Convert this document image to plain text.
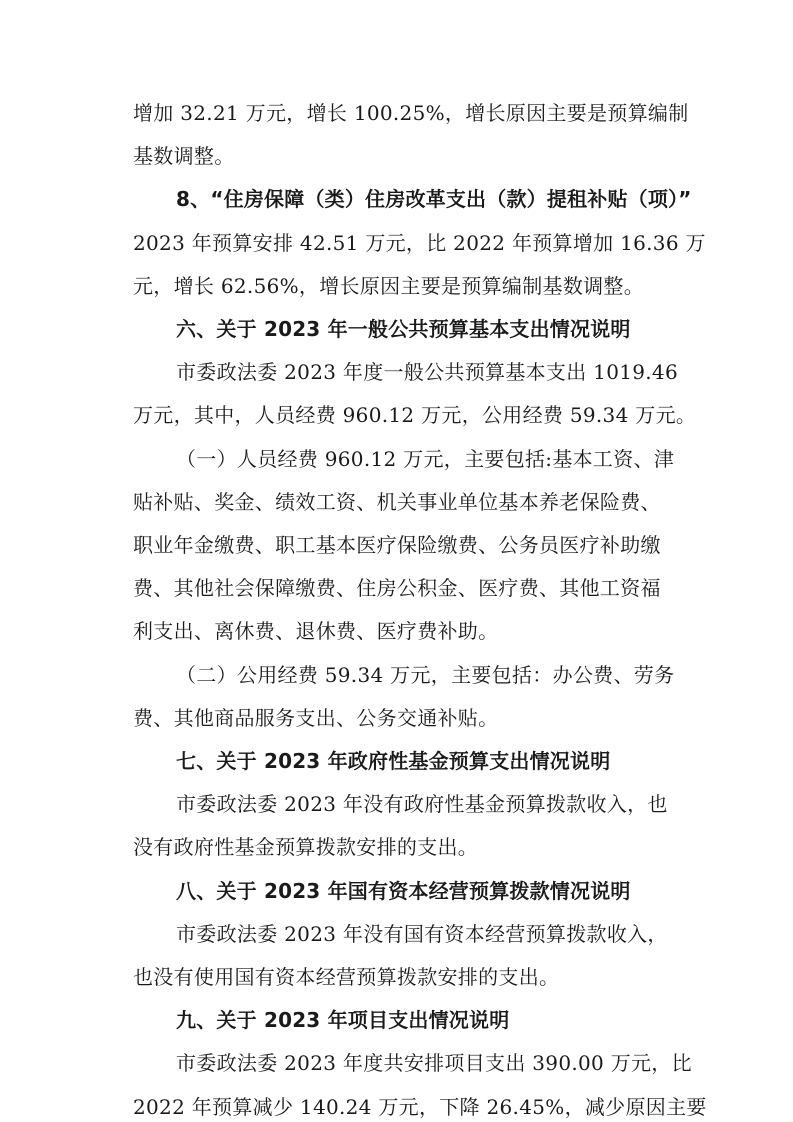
增加 32.21 万元，增长 100.25%，增长原因主要是预算编制
基数调整。
8、“住房保障（类）住房改革支出（款）提租补贴（项）”
2023 年预算安排 42.51 万元，比 2022 年预算增加 16.36 万
元，增长 62.56%，增长原因主要是预算编制基数调整。
六、关于 2023 年一般公共预算基本支出情况说明
市委政法委 2023 年度一般公共预算基本支出 1019.46
万元，其中，人员经费 960.12 万元，公用经费 59.34 万元。
（一）人员经费 960.12 万元，主要包括:基本工资、津
贴补贴、奖金、绩效工资、机关事业单位基本养老保险费、
职业年金缴费、职工基本医疗保险缴费、公务员医疗补助缴
费、其他社会保障缴费、住房公积金、医疗费、其他工资福
利支出、离休费、退休费、医疗费补助。
（二）公用经费 59.34 万元，主要包括：办公费、劳务
费、其他商品服务支出、公务交通补贴。
七、关于 2023 年政府性基金预算支出情况说明
市委政法委 2023 年没有政府性基金预算拨款收入，也
没有政府性基金预算拨款安排的支出。
八、关于 2023 年国有资本经营预算拨款情况说明
市委政法委 2023 年没有国有资本经营预算拨款收入，
也没有使用国有资本经营预算拨款安排的支出。
九、关于 2023 年项目支出情况说明
市委政法委 2023 年度共安排项目支出 390.00 万元，比
2022 年预算减少 140.24 万元，下降 26.45%，减少原因主要
